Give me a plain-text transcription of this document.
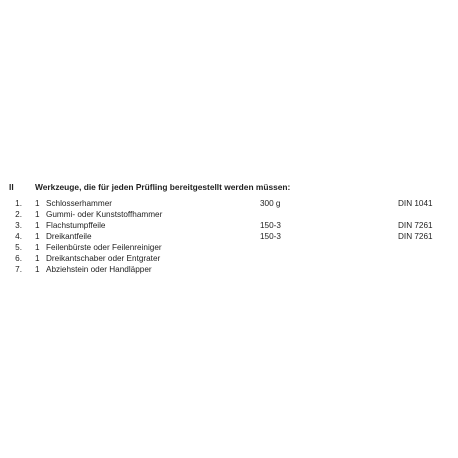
II	Werkzeuge, die für jeden Prüfling bereitgestellt werden müssen:
1. 1 Schlosserhammer	300 g	DIN 1041
2. 1 Gummi- oder Kunststoffhammer
3. 1 Flachstumpffeile	150-3	DIN 7261
4. 1 Dreikantfeile	150-3	DIN 7261
5. 1 Feilenbürste oder Feilenreiniger
6. 1 Dreikantschaber oder Entgrater
7. 1 Abziehstein oder Handläpper
